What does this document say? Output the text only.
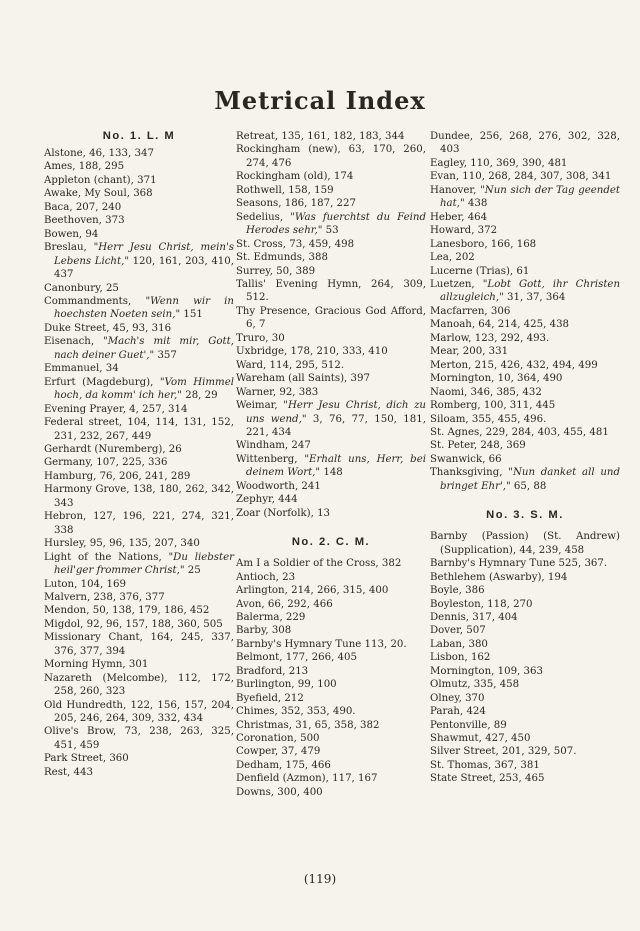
Metrical Index
No. 1. L. M

Alstone, 46, 133, 347

Ames, 188, 295

Appleton (chant), 371

Awake, My Soul, 368

Baca, 207, 240

Beethoven, 373

Bowen, 94

Breslau, "Herr Jesu Christ, mein's Lebens Licht," 120, 161, 203, 410, 437

Canonbury, 25

Commandments, "Wenn wir in hoechsten Noeten sein," 151

Duke Street, 45, 93, 316

Eisenach, "Mach's mit mir, Gott, nach deiner Guet'," 357

Emmanuel, 34

Erfurt (Magdeburg), "Vom Himmel hoch, da komm' ich her," 28, 29

Evening Prayer, 4, 257, 314

Federal street, 104, 114, 131, 152, 231, 232, 267, 449

Gerhardt (Nuremberg), 26

Germany, 107, 225, 336

Hamburg, 76, 206, 241, 289

Harmony Grove, 138, 180, 262, 342, 343

Hebron, 127, 196, 221, 274, 321, 338

Hursley, 95, 96, 135, 207, 340

Light of the Nations, "Du liebster heil'ger frommer Christ," 25

Luton, 104, 169

Malvern, 238, 376, 377

Mendon, 50, 138, 179, 186, 452

Migdol, 92, 96, 157, 188, 360, 505

Missionary Chant, 164, 245, 337, 376, 377, 394

Morning Hymn, 301

Nazareth (Melcombe), 112, 172, 258, 260, 323

Old Hundredth, 122, 156, 157, 204, 205, 246, 264, 309, 332, 434

Olive's Brow, 73, 238, 263, 325, 451, 459

Park Street, 360

Rest, 443

Retreat, 135, 161, 182, 183, 344

Rockingham (new), 63, 170, 260, 274, 476

Rockingham (old), 174

Rothwell, 158, 159

Seasons, 186, 187, 227

Sedelius, "Was fuerchtst du Feind Herodes sehr," 53

St. Cross, 73, 459, 498

St. Edmunds, 388

Surrey, 50, 389

Tallis' Evening Hymn, 264, 309, 512.

Thy Presence, Gracious God Afford, 6, 7

Truro, 30

Uxbridge, 178, 210, 333, 410

Ward, 114, 295, 512.

Wareham (all Saints), 397

Warner, 92, 383

Weimar, "Herr Jesu Christ, dich zu uns wend," 3, 76, 77, 150, 181, 221, 434

Windham, 247

Wittenberg, "Erhalt uns, Herr, bei deinem Wort," 148

Woodworth, 241

Zephyr, 444

Zoar (Norfolk), 13

No. 2. C. M.

Am I a Soldier of the Cross, 382

Antioch, 23

Arlington, 214, 266, 315, 400

Avon, 66, 292, 466

Balerma, 229

Barby, 308

Barnby's Hymnary Tune 113, 20.

Belmont, 177, 266, 405

Bradford, 213

Burlington, 99, 100

Byefield, 212

Chimes, 352, 353, 490.

Christmas, 31, 65, 358, 382

Coronation, 500

Cowper, 37, 479

Dedham, 175, 466

Denfield (Azmon), 117, 167

Downs, 300, 400

Dundee, 256, 268, 276, 302, 328, 403

Eagley, 110, 369, 390, 481

Evan, 110, 268, 284, 307, 308, 341

Hanover, "Nun sich der Tag geendet hat," 438

Heber, 464

Howard, 372

Lanesboro, 166, 168

Lea, 202

Lucerne (Trias), 61

Luetzen, "Lobt Gott, ihr Christen allzugleich," 31, 37, 364

Macfarren, 306

Manoah, 64, 214, 425, 438

Marlow, 123, 292, 493.

Mear, 200, 331

Merton, 215, 426, 432, 494, 499

Mornington, 10, 364, 490

Naomi, 346, 385, 432

Romberg, 100, 311, 445

Siloam, 355, 455, 496.

St. Agnes, 229, 284, 403, 455, 481

St. Peter, 248, 369

Swanwick, 66

Thanksgiving, "Nun danket all und bringet Ehr'," 65, 88

No. 3. S. M.

Barnby (Passion) (St. Andrew) (Supplication), 44, 239, 458

Barnby's Hymnary Tune 525, 367.

Bethlehem (Aswarby), 194

Boyle, 386

Boyleston, 118, 270

Dennis, 317, 404

Dover, 507

Laban, 380

Lisbon, 162

Mornington, 109, 363

Olmutz, 335, 458

Olney, 370

Parah, 424

Pentonville, 89

Shawmut, 427, 450

Silver Street, 201, 329, 507.

St. Thomas, 367, 381

State Street, 253, 465

(119)
